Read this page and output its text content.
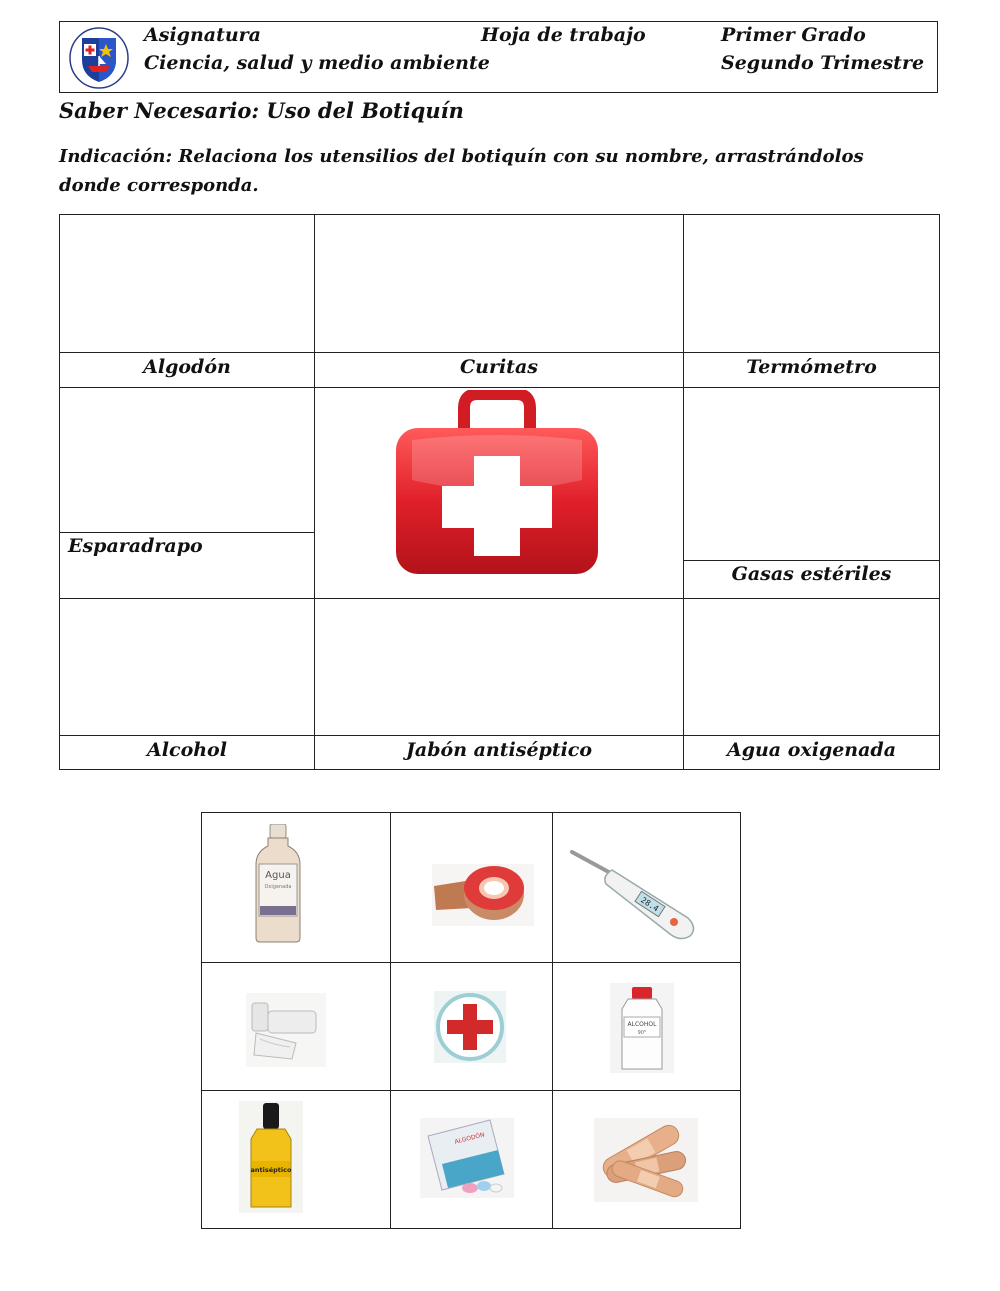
Asignatura
Ciencia, salud y medio ambiente
Hoja de trabajo	Primer Grado
Segundo Trimestre
Saber Necesario: Uso del Botiquín
Indicación: Relaciona los utensilios del botiquín con su nombre, arrastrándolos donde corresponda.
Algodón	Curitas	Termómetro
Esparadrapo
Gasas estériles
Alcohol	Jabón antiséptico	Agua oxigenada
Agua
Oxigenada
28.4
ALCOHOL
90°
antiséptico
ALGODÓN
